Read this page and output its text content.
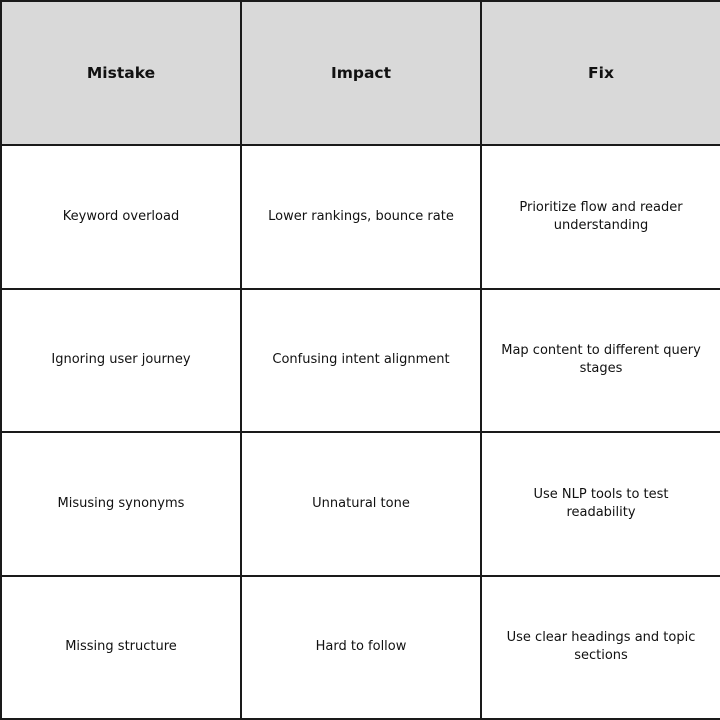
Mistake	Impact	Fix
Keyword overload	Lower rankings, bounce rate	Prioritize flow and reader understanding
Ignoring user journey	Confusing intent alignment	Map content to different query stages
Misusing synonyms	Unnatural tone	Use NLP tools to test readability
Missing structure	Hard to follow	Use clear headings and topic sections
